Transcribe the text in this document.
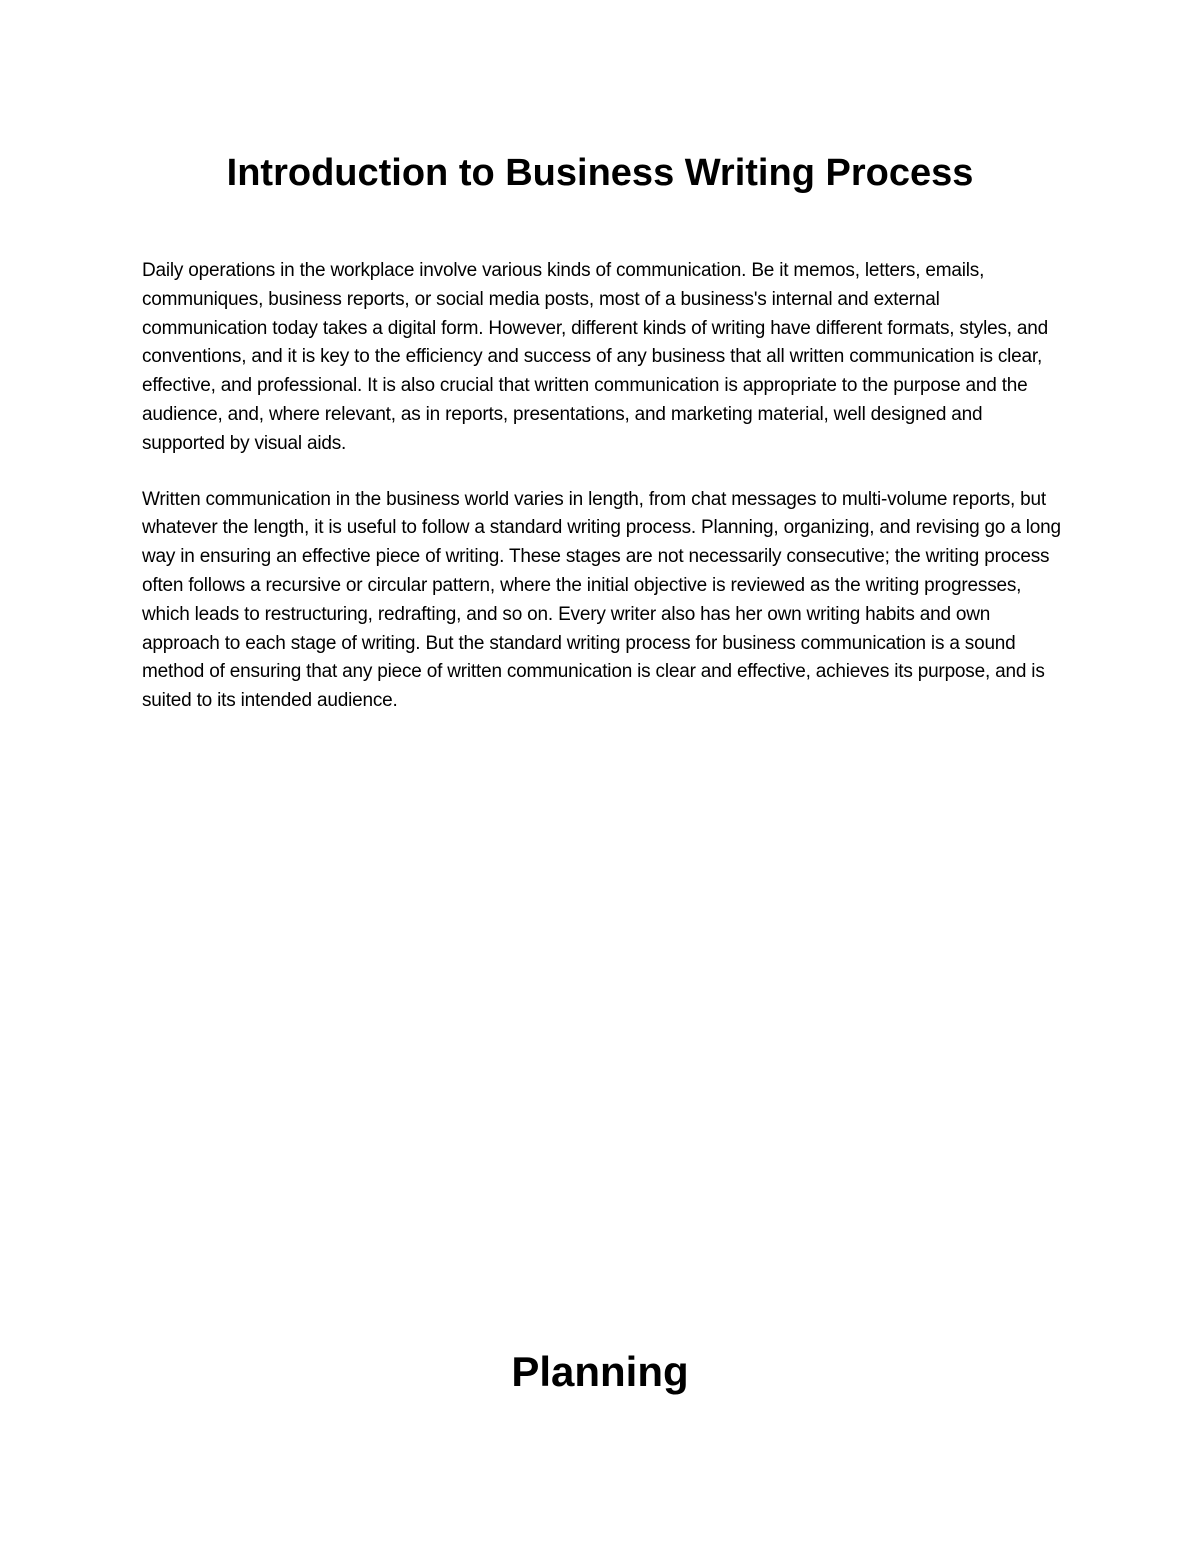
Introduction to Business Writing Process

Daily operations in the workplace involve various kinds of communication. Be it memos, letters, emails, communiques, business reports, or social media posts, most of a business's internal and external communication today takes a digital form. However, different kinds of writing have different formats, styles, and conventions, and it is key to the efficiency and success of any business that all written communication is clear, effective, and professional. It is also crucial that written communication is appropriate to the purpose and the audience, and, where relevant, as in reports, presentations, and marketing material, well designed and supported by visual aids.

Written communication in the business world varies in length, from chat messages to multi-volume reports, but whatever the length, it is useful to follow a standard writing process. Planning, organizing, and revising go a long way in ensuring an effective piece of writing. These stages are not necessarily consecutive; the writing process often follows a recursive or circular pattern, where the initial objective is reviewed as the writing progresses, which leads to restructuring, redrafting, and so on. Every writer also has her own writing habits and own approach to each stage of writing. But the standard writing process for business communication is a sound method of ensuring that any piece of written communication is clear and effective, achieves its purpose, and is suited to its intended audience.

Planning
